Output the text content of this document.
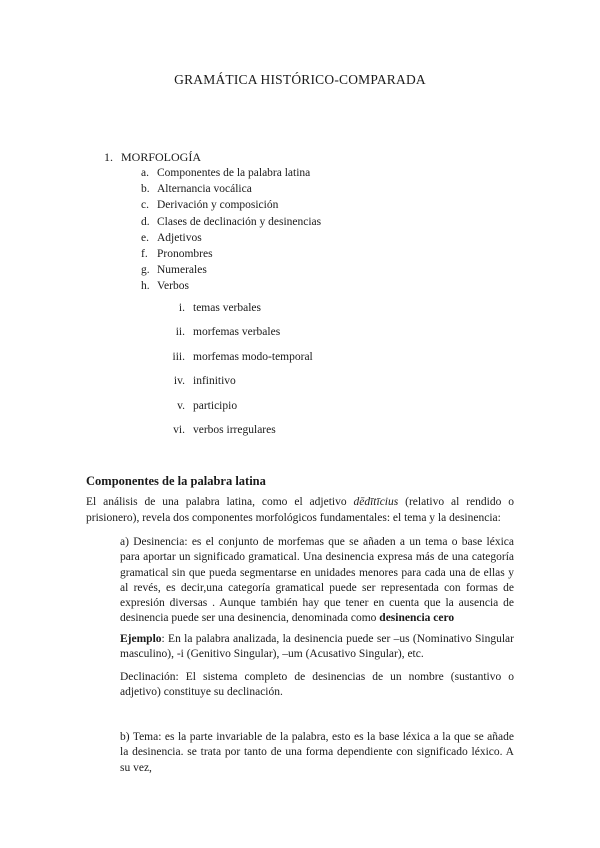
GRAMÁTICA HISTÓRICO-COMPARADA
1. MORFOLOGÍA
a. Componentes de la palabra latina
b. Alternancia vocálica
c. Derivación y composición
d. Clases de declinación y desinencias
e. Adjetivos
f. Pronombres
g. Numerales
h. Verbos
i. temas verbales
ii. morfemas verbales
iii. morfemas modo-temporal
iv. infinitivo
v. participio
vi. verbos irregulares
Componentes de la palabra latina
El análisis de una palabra latina, como el adjetivo dēdītīcius (relativo al rendido o prisionero), revela dos componentes morfológicos fundamentales: el tema y la desinencia:
a) Desinencia: es el conjunto de morfemas que se añaden a un tema o base léxica para aportar un significado gramatical. Una desinencia expresa más de una categoría gramatical sin que pueda segmentarse en unidades menores para cada una de ellas y al revés, es decir,una categoría gramatical puede ser representada con formas de expresión diversas . Aunque también hay que tener en cuenta que la ausencia de desinencia puede ser una desinencia, denominada como desinencia cero
Ejemplo: En la palabra analizada, la desinencia puede ser –us (Nominativo Singular masculino), -i (Genitivo Singular), –um (Acusativo Singular), etc.
Declinación: El sistema completo de desinencias de un nombre (sustantivo o adjetivo) constituye su declinación.
b) Tema: es la parte invariable de la palabra, esto es la base léxica a la que se añade la desinencia. se trata por tanto de una forma dependiente con significado léxico. A su vez,
